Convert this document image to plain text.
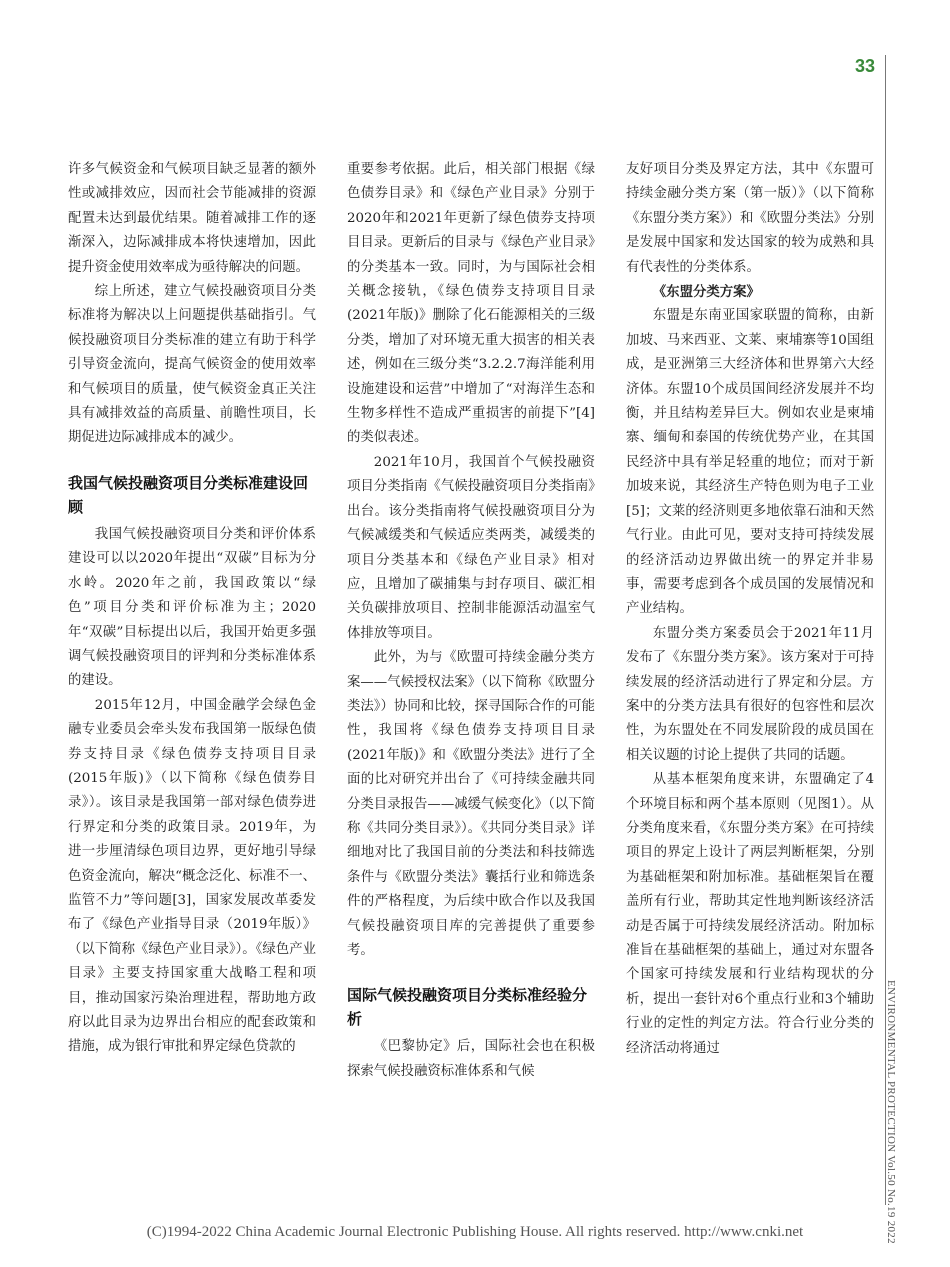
33
ENVIRONMENTAL PROTECTION Vol.50 No.19 2022

许多气候资金和气候项目缺乏显著的额外性或减排效应，因而社会节能减排的资源配置未达到最优结果。随着减排工作的逐渐深入，边际减排成本将快速增加，因此提升资金使用效率成为亟待解决的问题。

综上所述，建立气候投融资项目分类标准将为解决以上问题提供基础指引。气候投融资项目分类标准的建立有助于科学引导资金流向，提高气候资金的使用效率和气候项目的质量，使气候资金真正关注具有减排效益的高质量、前瞻性项目，长期促进边际减排成本的减少。

我国气候投融资项目分类标准建设回顾

我国气候投融资项目分类和评价体系建设可以以2020年提出“双碳”目标为分水岭。2020年之前，我国政策以“绿色”项目分类和评价标准为主；2020年“双碳”目标提出以后，我国开始更多强调气候投融资项目的评判和分类标准体系的建设。

2015年12月，中国金融学会绿色金融专业委员会牵头发布我国第一版绿色债券支持目录《绿色债券支持项目目录(2015年版)》（以下简称《绿色债券目录》）。该目录是我国第一部对绿色债券进行界定和分类的政策目录。2019年，为进一步厘清绿色项目边界，更好地引导绿色资金流向，解决“概念泛化、标准不一、监管不力”等问题[3]，国家发展改革委发布了《绿色产业指导目录（2019年版）》（以下简称《绿色产业目录》）。《绿色产业目录》主要支持国家重大战略工程和项目，推动国家污染治理进程，帮助地方政府以此目录为边界出台相应的配套政策和措施，成为银行审批和界定绿色贷款的

重要参考依据。此后，相关部门根据《绿色债券目录》和《绿色产业目录》分别于2020年和2021年更新了绿色债券支持项目目录。更新后的目录与《绿色产业目录》的分类基本一致。同时，为与国际社会相关概念接轨，《绿色债券支持项目目录(2021年版)》删除了化石能源相关的三级分类，增加了对环境无重大损害的相关表述，例如在三级分类“3.2.2.7海洋能利用设施建设和运营”中增加了“对海洋生态和生物多样性不造成严重损害的前提下”[4]的类似表述。

2021年10月，我国首个气候投融资项目分类指南《气候投融资项目分类指南》出台。该分类指南将气候投融资项目分为气候减缓类和气候适应类两类，减缓类的项目分类基本和《绿色产业目录》相对应，且增加了碳捕集与封存项目、碳汇相关负碳排放项目、控制非能源活动温室气体排放等项目。

此外，为与《欧盟可持续金融分类方案——气候授权法案》（以下简称《欧盟分类法》）协同和比较，探寻国际合作的可能性，我国将《绿色债券支持项目目录(2021年版)》和《欧盟分类法》进行了全面的比对研究并出台了《可持续金融共同分类目录报告——减缓气候变化》（以下简称《共同分类目录》）。《共同分类目录》详细地对比了我国目前的分类法和科技筛选条件与《欧盟分类法》囊括行业和筛选条件的严格程度，为后续中欧合作以及我国气候投融资项目库的完善提供了重要参考。

国际气候投融资项目分类标准经验分析

《巴黎协定》后，国际社会也在积极探索气候投融资标准体系和气候

友好项目分类及界定方法，其中《东盟可持续金融分类方案（第一版）》（以下简称《东盟分类方案》）和《欧盟分类法》分别是发展中国家和发达国家的较为成熟和具有代表性的分类体系。

《东盟分类方案》

东盟是东南亚国家联盟的简称，由新加坡、马来西亚、文莱、柬埔寨等10国组成，是亚洲第三大经济体和世界第六大经济体。东盟10个成员国间经济发展并不均衡，并且结构差异巨大。例如农业是柬埔寨、缅甸和泰国的传统优势产业，在其国民经济中具有举足轻重的地位；而对于新加坡来说，其经济生产特色则为电子工业[5]；文莱的经济则更多地依靠石油和天然气行业。由此可见，要对支持可持续发展的经济活动边界做出统一的界定并非易事，需要考虑到各个成员国的发展情况和产业结构。

东盟分类方案委员会于2021年11月发布了《东盟分类方案》。该方案对于可持续发展的经济活动进行了界定和分层。方案中的分类方法具有很好的包容性和层次性，为东盟处在不同发展阶段的成员国在相关议题的讨论上提供了共同的话题。

从基本框架角度来讲，东盟确定了4个环境目标和两个基本原则（见图1）。从分类角度来看，《东盟分类方案》在可持续项目的界定上设计了两层判断框架，分别为基础框架和附加标准。基础框架旨在覆盖所有行业，帮助其定性地判断该经济活动是否属于可持续发展经济活动。附加标准旨在基础框架的基础上，通过对东盟各个国家可持续发展和行业结构现状的分析，提出一套针对6个重点行业和3个辅助行业的定性的判定方法。符合行业分类的经济活动将通过

(C)1994-2022 China Academic Journal Electronic Publishing House. All rights reserved. http://www.cnki.net
